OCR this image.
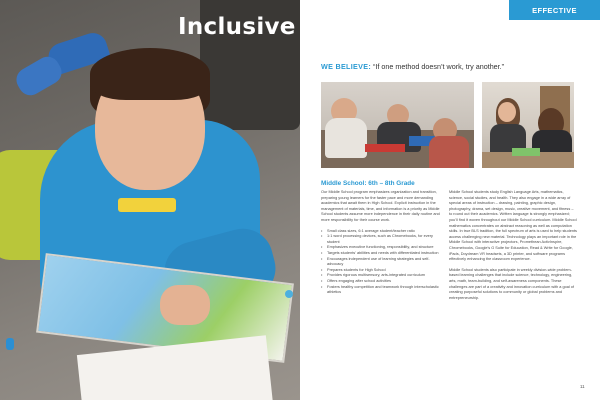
Inclusive
EFFECTIVE
WE BELIEVE: “If one method doesn’t work, try another.”
Middle School: 6th – 8th Grade

Our Middle School program emphasizes organization and transition, preparing young learners for the faster pace and more demanding academics that await them in High School. Explicit instruction in the management of materials, time, and information is a priority as Middle School students assume more independence in their daily routine and more responsibility for their course work.

• Small class sizes, 6:1 average student/teacher ratio
• 1:1 word processing devices, such as Chromebooks, for every student
• Emphasizes executive functioning, responsibility, and structure
• Targets students’ abilities and needs with differentiated instruction
• Encourages independent use of learning strategies and self-advocacy
• Prepares students for High School
• Provides rigorous multisensory, arts-integrated curriculum
• Offers engaging after school activities
• Fosters healthy competition and teamwork through interscholastic athletics

Middle School students study English Language Arts, mathematics, science, social studies, and health. They also engage in a wide array of special areas of instruction – drawing, painting, graphic design, photography, drama, set design, music, creative movement, and fitness – to round out their academics. Written language is strongly emphasized; you’ll find it woven throughout our Middle School curriculum. Middle School mathematics concentrates on abstract reasoning as well as computation skills. In true BLS tradition, the full spectrum of arts is used to help students access challenging new material. Technology plays an important role in the Middle School with interactive projectors, Promethean ActivInspire, Chromebooks, Google’s G Suite for Education, Read & Write for Google, iPads, Doydream VR headsets, a 3D printer, and software programs effectively enhancing the classroom experience.

Middle School students also participate in weekly division-wide problem-based learning challenges that include science, technology, engineering, arts, math, team-building, and self-awareness components. These challenges are part of a creativity and innovation curriculum with a goal of creating purposeful solutions to community or global problems and entrepreneurship.

11
